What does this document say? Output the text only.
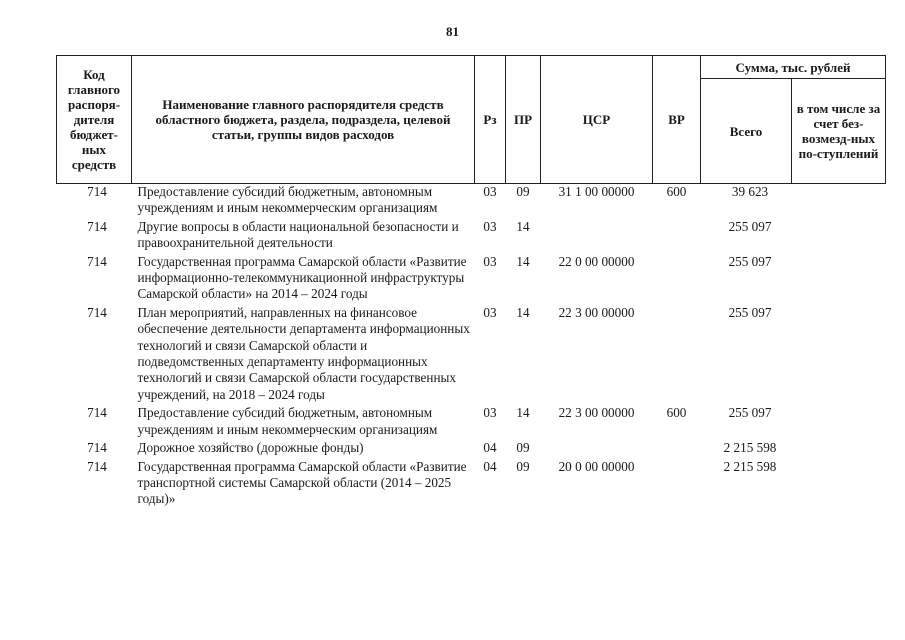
81
Код главного распоря-дителя бюджет-ных средств	Наименование главного распорядителя средств областного бюджета, раздела, подраздела, целевой статьи, группы видов расходов	Рз	ПР	ЦСР	ВР	Сумма, тыс. рублей	
						Всего	в том числе за счет без-возмезд-ных по-ступлений
714	Предоставление субсидий бюджетным, автономным учреждениям и иным некоммерческим организациям	03	09	31 1 00 00000	600	39 623	
714	Другие вопросы в области национальной безопасности и правоохранительной деятельности	03	14			255 097	
714	Государственная программа Самарской области «Развитие информационно-телекоммуникационной инфраструктуры Самарской области» на 2014 – 2024 годы	03	14	22 0 00 00000		255 097	
714	План мероприятий, направленных на финансовое обеспечение деятельности департамента информационных технологий и связи Самарской области и подведомственных департаменту информационных технологий и связи Самарской области государственных учреждений, на 2018 – 2024 годы	03	14	22 3 00 00000		255 097	
714	Предоставление субсидий бюджетным, автономным учреждениям и иным некоммерческим организациям	03	14	22 3 00 00000	600	255 097	
714	Дорожное хозяйство (дорожные фонды)	04	09			2 215 598	
714	Государственная программа Самарской области «Развитие транспортной системы Самарской области (2014 – 2025 годы)»	04	09	20 0 00 00000		2 215 598	
